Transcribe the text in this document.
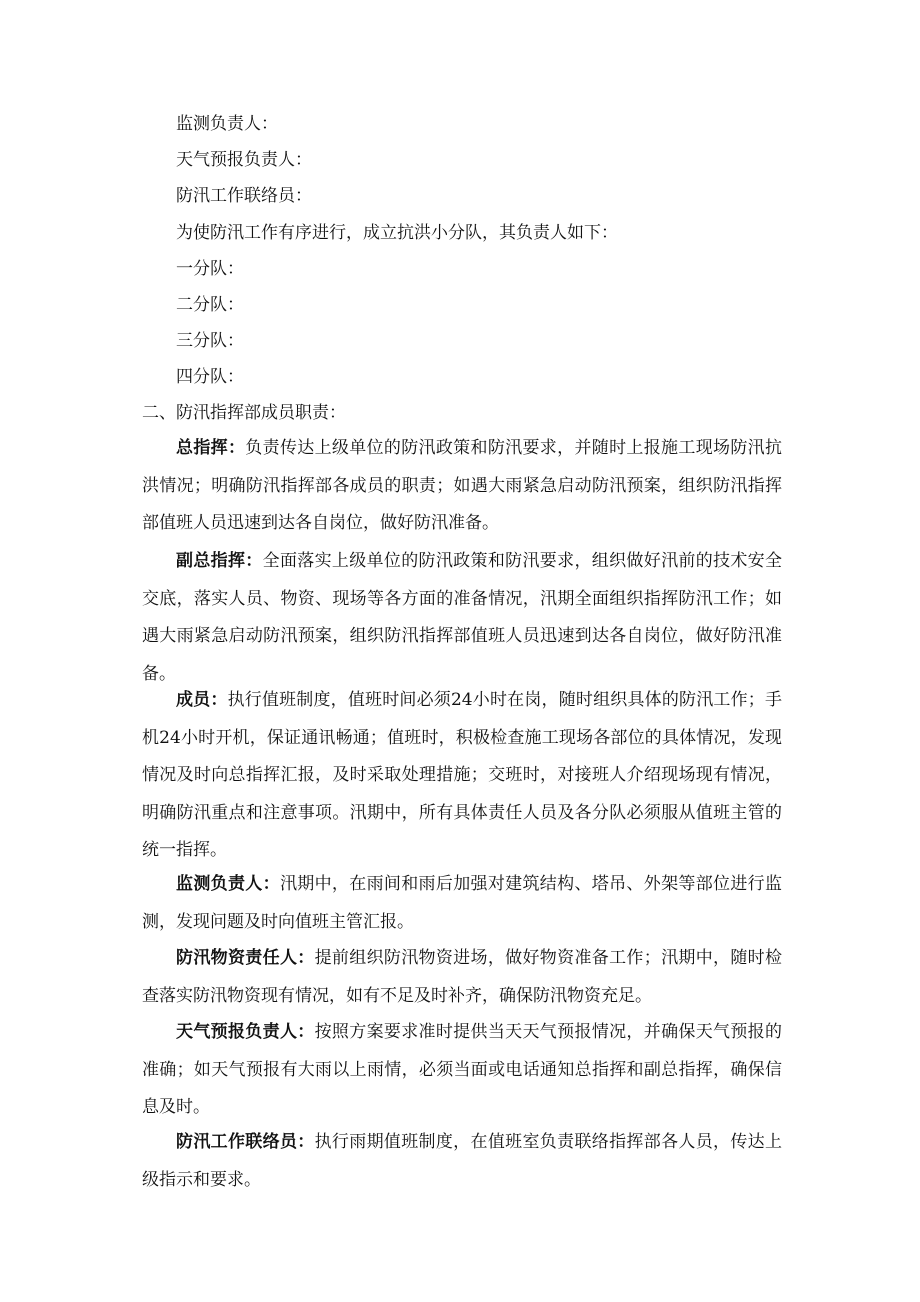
监测负责人：
天气预报负责人：
防汛工作联络员：
为使防汛工作有序进行，成立抗洪小分队，其负责人如下：
一分队：
二分队：
三分队：
四分队：
二、防汛指挥部成员职责：

总指挥：负责传达上级单位的防汛政策和防汛要求，并随时上报施工现场防汛抗洪情况；明确防汛指挥部各成员的职责；如遇大雨紧急启动防汛预案，组织防汛指挥部值班人员迅速到达各自岗位，做好防汛准备。

副总指挥：全面落实上级单位的防汛政策和防汛要求，组织做好汛前的技术安全交底，落实人员、物资、现场等各方面的准备情况，汛期全面组织指挥防汛工作；如遇大雨紧急启动防汛预案，组织防汛指挥部值班人员迅速到达各自岗位，做好防汛准备。

成员：执行值班制度，值班时间必须24小时在岗，随时组织具体的防汛工作；手机24小时开机，保证通讯畅通；值班时，积极检查施工现场各部位的具体情况，发现情况及时向总指挥汇报，及时采取处理措施；交班时，对接班人介绍现场现有情况，明确防汛重点和注意事项。汛期中，所有具体责任人员及各分队必须服从值班主管的统一指挥。

监测负责人：汛期中，在雨间和雨后加强对建筑结构、塔吊、外架等部位进行监测，发现问题及时向值班主管汇报。

防汛物资责任人：提前组织防汛物资进场，做好物资准备工作；汛期中，随时检查落实防汛物资现有情况，如有不足及时补齐，确保防汛物资充足。

天气预报负责人：按照方案要求准时提供当天天气预报情况，并确保天气预报的准确；如天气预报有大雨以上雨情，必须当面或电话通知总指挥和副总指挥，确保信息及时。

防汛工作联络员：执行雨期值班制度，在值班室负责联络指挥部各人员，传达上级指示和要求。
